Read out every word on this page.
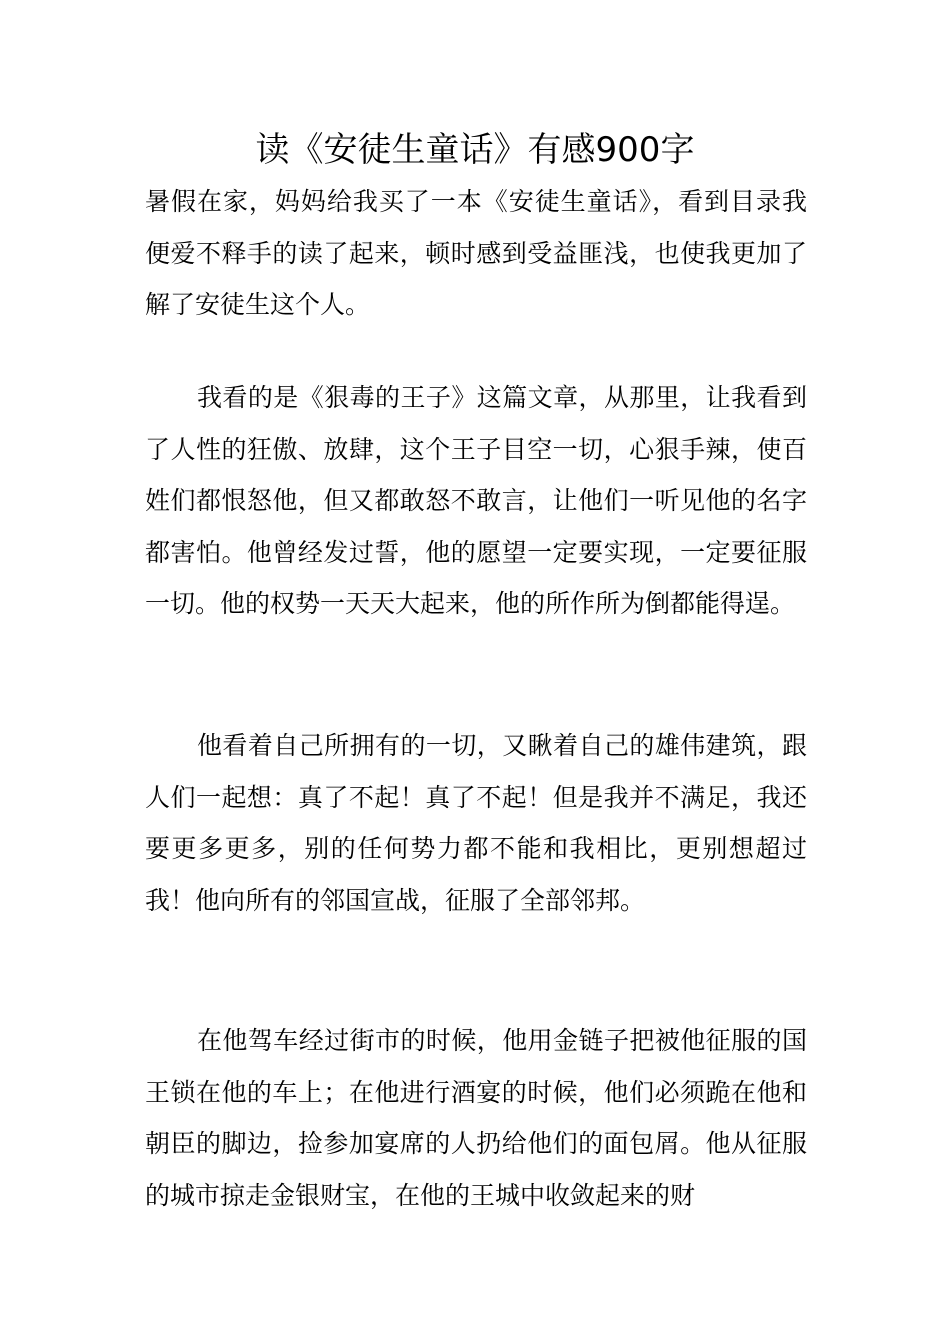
读《安徒生童话》有感900字

暑假在家，妈妈给我买了一本《安徒生童话》，看到目录我便爱不释手的读了起来，顿时感到受益匪浅，也使我更加了解了安徒生这个人。

我看的是《狠毒的王子》这篇文章，从那里，让我看到了人性的狂傲、放肆，这个王子目空一切，心狠手辣，使百姓们都恨怒他，但又都敢怒不敢言，让他们一听见他的名字都害怕。他曾经发过誓，他的愿望一定要实现，一定要征服一切。他的权势一天天大起来，他的所作所为倒都能得逞。

他看着自己所拥有的一切，又瞅着自己的雄伟建筑，跟人们一起想：真了不起！真了不起！但是我并不满足，我还要更多更多，别的任何势力都不能和我相比，更别想超过我！他向所有的邻国宣战，征服了全部邻邦。

在他驾车经过街市的时候，他用金链子把被他征服的国王锁在他的车上；在他进行酒宴的时候，他们必须跪在他和朝臣的脚边，捡参加宴席的人扔给他们的面包屑。他从征服的城市掠走金银财宝，在他的王城中收敛起来的财
